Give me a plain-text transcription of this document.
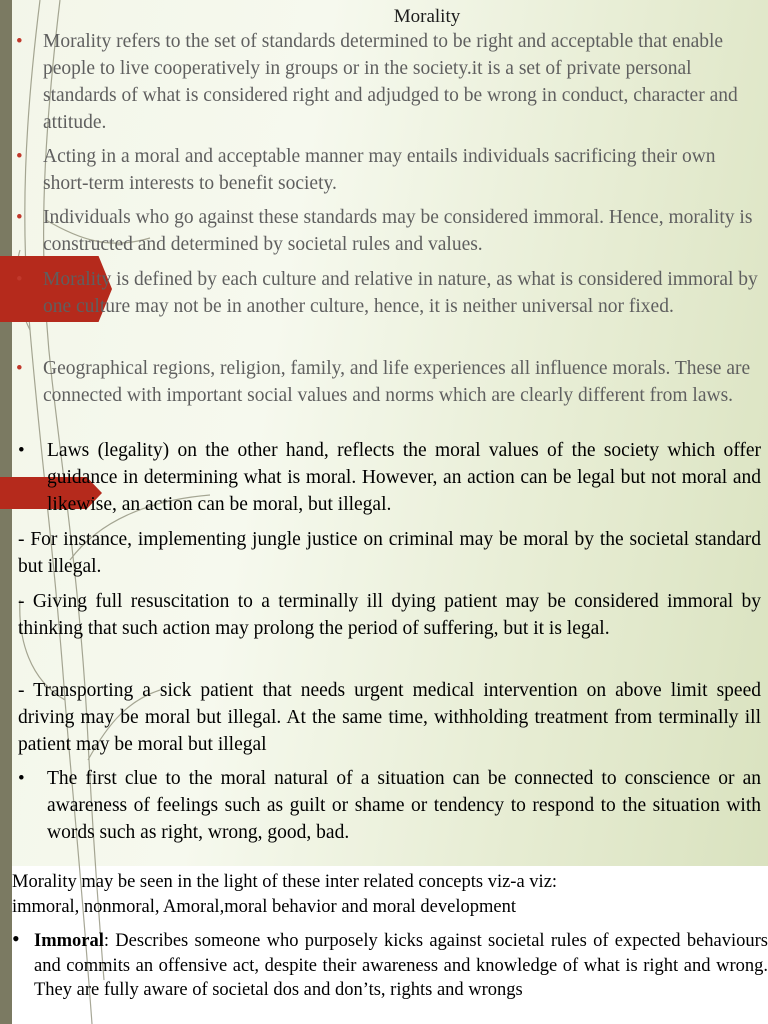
Morality
• Morality refers to the set of standards determined to be right and acceptable that enable people to live cooperatively in groups or in the society.it is a set of private personal standards of what is considered right and adjudged to be wrong in conduct, character and attitude.
• Acting in a moral and acceptable manner may entails individuals sacrificing their own short-term interests to benefit society.
• Individuals who go against these standards may be considered immoral. Hence, morality is constructed and determined by societal rules and values.
• Morality is defined by each culture and relative in nature, as what is considered immoral by one culture may not be in another culture, hence, it is neither universal nor fixed.
• Geographical regions, religion, family, and life experiences all influence morals. These are connected with important social values and norms which are clearly different from laws.
• Laws (legality) on the other hand, reflects the moral values of the society which offer guidance in determining what is moral. However, an action can be legal but not moral and likewise, an action can be moral, but illegal.
- For instance, implementing jungle justice on criminal may be moral by the societal standard but illegal.
- Giving full resuscitation to a terminally ill dying patient may be considered immoral by thinking that such action may prolong the period of suffering, but it is legal.
- Transporting a sick patient that needs urgent medical intervention on above limit speed driving may be moral but illegal. At the same time, withholding treatment from terminally ill patient may be moral but illegal
• The first clue to the moral natural of a situation can be connected to conscience or an awareness of feelings such as guilt or shame or tendency to respond to the situation with words such as right, wrong, good, bad.
Morality may be seen in the light of these inter related concepts viz-a viz:
immoral, nonmoral, Amoral,moral behavior and moral development
• Immoral: Describes someone who purposely kicks against societal rules of expected behaviours and commits an offensive act, despite their awareness and knowledge of what is right and wrong. They are fully aware of societal dos and don’ts, rights and wrongs
